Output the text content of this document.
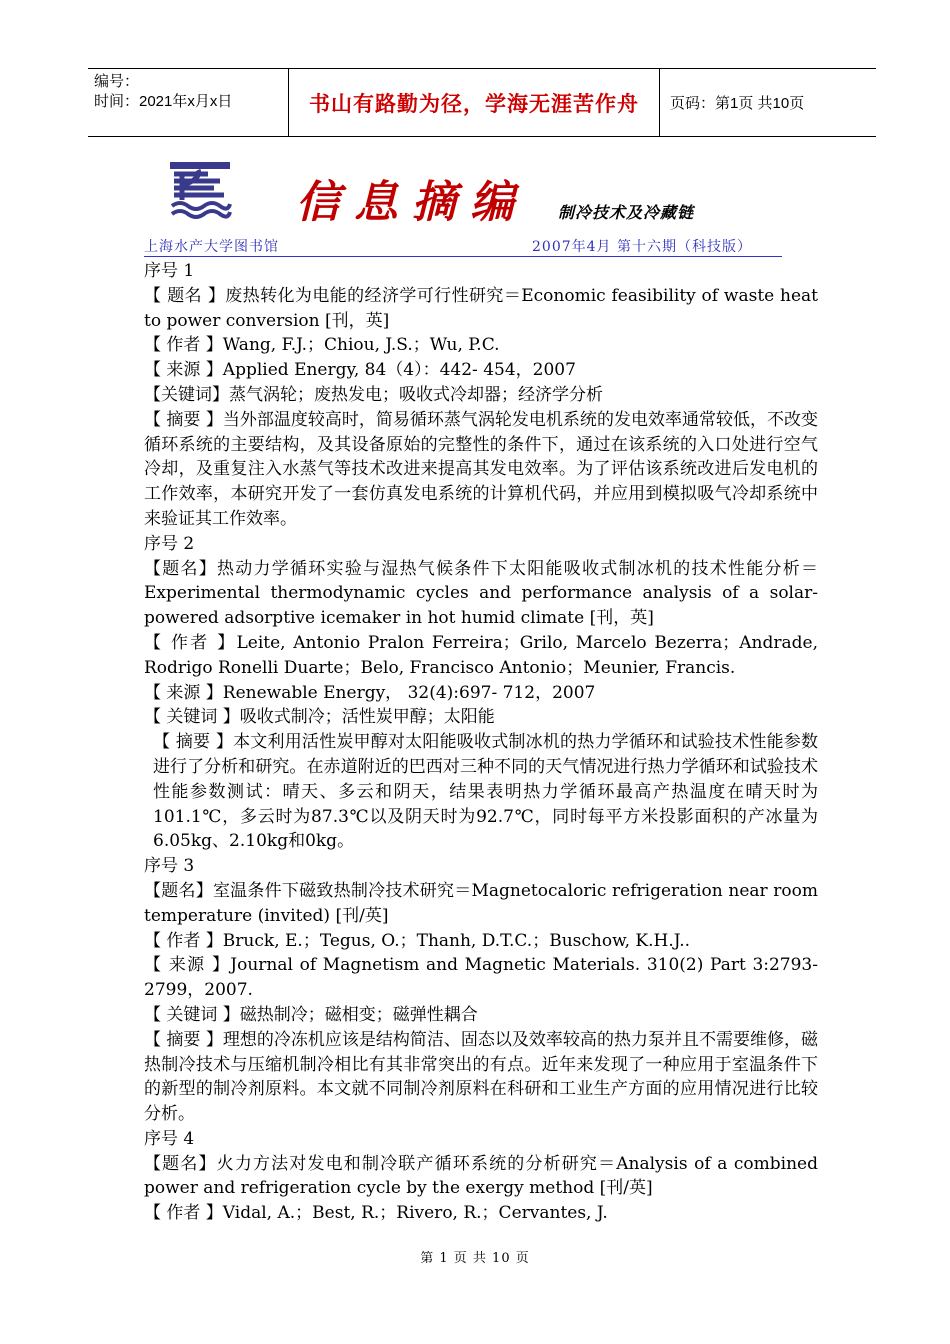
编号：
时间：2021年x月x日	书山有路勤为径，学海无涯苦作舟	页码：第1页 共10页
信息摘编 制冷技术及冷藏链
上海水产大学图书馆	2007年4月 第十六期（科技版）

序号 1

【 题名 】废热转化为电能的经济学可行性研究＝Economic feasibility of waste heat to power conversion [刊，英]

【 作者 】Wang, F.J.；Chiou, J.S.；Wu, P.C.

【 来源 】Applied Energy, 84（4）：442- 454，2007

【关键词】蒸气涡轮；废热发电；吸收式冷却器；经济学分析

【 摘要 】当外部温度较高时，简易循环蒸气涡轮发电机系统的发电效率通常较低，不改变循环系统的主要结构，及其设备原始的完整性的条件下，通过在该系统的入口处进行空气冷却，及重复注入水蒸气等技术改进来提高其发电效率。为了评估该系统改进后发电机的工作效率，本研究开发了一套仿真发电系统的计算机代码，并应用到模拟吸气冷却系统中来验证其工作效率。

序号 2

【题名】热动力学循环实验与湿热气候条件下太阳能吸收式制冰机的技术性能分析＝Experimental thermodynamic cycles and performance analysis of a solar-powered adsorptive icemaker in hot humid climate [刊，英]

【 作者 】Leite, Antonio Pralon Ferreira；Grilo, Marcelo Bezerra；Andrade, Rodrigo Ronelli Duarte；Belo, Francisco Antonio；Meunier, Francis.

【 来源 】Renewable Energy， 32(4):697- 712，2007

【 关键词 】吸收式制冷；活性炭甲醇；太阳能

【 摘要 】本文利用活性炭甲醇对太阳能吸收式制冰机的热力学循环和试验技术性能参数进行了分析和研究。在赤道附近的巴西对三种不同的天气情况进行热力学循环和试验技术性能参数测试：晴天、多云和阴天，结果表明热力学循环最高产热温度在晴天时为101.1℃，多云时为87.3℃以及阴天时为92.7℃，同时每平方米投影面积的产冰量为6.05kg、2.10kg和0kg。

序号 3

【题名】室温条件下磁致热制冷技术研究＝Magnetocaloric refrigeration near room temperature (invited) [刊/英]

【 作者 】Bruck, E.；Tegus, O.；Thanh, D.T.C.；Buschow, K.H.J..

【 来源 】Journal of Magnetism and Magnetic Materials. 310(2) Part 3:2793-2799，2007.

【 关键词 】磁热制冷；磁相变；磁弹性耦合

【 摘要 】理想的冷冻机应该是结构简洁、固态以及效率较高的热力泵并且不需要维修，磁热制冷技术与压缩机制冷相比有其非常突出的有点。近年来发现了一种应用于室温条件下的新型的制冷剂原料。本文就不同制冷剂原料在科研和工业生产方面的应用情况进行比较分析。

序号 4

【题名】火力方法对发电和制冷联产循环系统的分析研究＝Analysis of a combined power and refrigeration cycle by the exergy method [刊/英]

【 作者 】Vidal, A.；Best, R.；Rivero, R.；Cervantes, J.

第 1 页 共 10 页
